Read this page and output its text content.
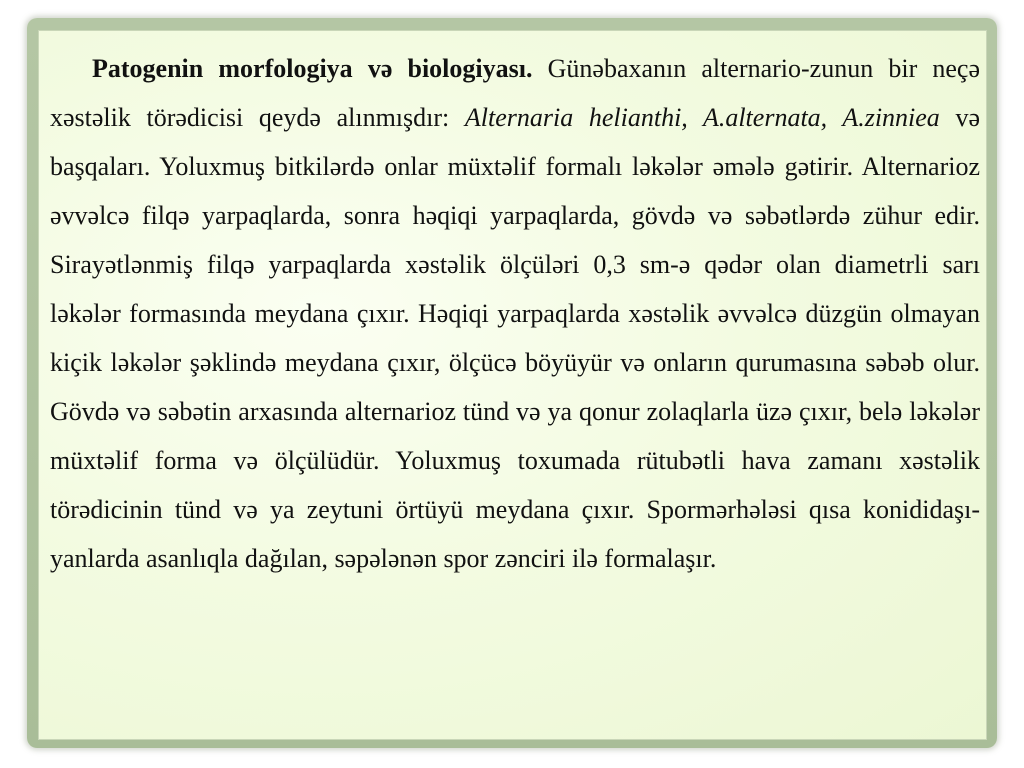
Patogenin morfologiya və biologiyası. Günəbaxanın alternario-zunun bir neçə xəstəlik törədicisi qeydə alınmışdır: Alternaria helianthi, A.alternata, A.zinniea və başqaları. Yoluxmuş bitkilərdə onlar müxtəlif formalı ləkələr əmələ gətirir. Alternarioz əvvəlcə filqə yarpaqlarda, sonra həqiqi yarpaqlarda, gövdə və səbətlərdə zühur edir. Sirayətlənmiş filqə yarpaqlarda xəstəlik ölçüləri 0,3 sm-ə qədər olan diametrli sarı ləkələr formasında meydana çıxır. Həqiqi yarpaqlarda xəstəlik əvvəlcə düzgün olmayan kiçik ləkələr şəklində meydana çıxır, ölçücə böyüyür və onların qurumasına səbəb olur. Gövdə və səbətin arxasında alternarioz tünd və ya qonur zolaqlarla üzə çıxır, belə ləkələr müxtəlif forma və ölçülüdür. Yoluxmuş toxumada rütubətli hava zamanı xəstəlik törədicinin tünd və ya zeytuni örtüyü meydana çıxır. Spormərhələsi qısa konididaşı-yanlarda asanlıqla dağılan, səpələnən spor zənciri ilə formalaşır.
